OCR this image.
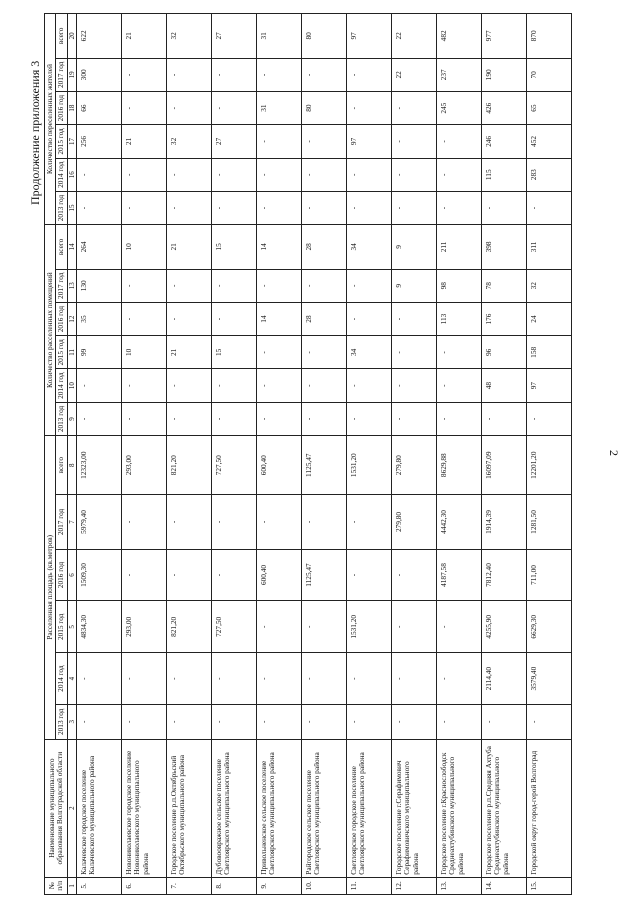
2
Продолжение приложения 3
№ п/п	Наименование муниципального образования Волгоградской области	Расселенная площадь (кв.метров)						Количество расселенных помещений						Количество переселенных жителей					
		2013 год	2014 год	2015 год	2016 год	2017 год	всего	2013 год	2014 год	2015 год	2016 год	2017 год	всего	2013 год	2014 год	2015 год	2016 год	2017 год	всего
1	2	3	4	5	6	7	8	9	10	11	12	13	14	15	16	17	18	19	20
5.	Калачевское городское поселение Калачевского муниципального района	-	-	4834,30	1509,30	5979,40	12323,00	-	-	99	35	130	264	-	-	256	66	300	622
6.	Новониколаевское городское поселение Новониколаевского муниципального района	-	-	293,00	-	-	293,00	-	-	10	-	-	10	-	-	21	-	-	21
7.	Городское поселение р.п.Октябрьский Октябрьского муниципального района	-	-	821,20	-	-	821,20	-	-	21	-	-	21	-	-	32	-	-	32
8.	Дубовоовражное сельское поселение Светлоярского муниципального района	-	-	727,50	-	-	727,50	-	-	15	-	-	15	-	-	27	-	-	27
9.	Привольненское сельское поселение Светлоярского муниципального района	-	-	-	600,40	-	600,40	-	-	-	14	-	14	-	-	-	31	-	31
10.	Райгородское сельское поселение Светлоярского муниципального района	-	-	-	1125,47	-	1125,47	-	-	-	28	-	28	-	-	-	80	-	80
11.	Светлоярское городское поселение Светлоярского муниципального района	-	-	1531,20	-	-	1531,20	-	-	34	-	-	34	-	-	97	-	-	97
12.	Городское поселение г.Серафимович Серафимовичского муниципального района	-	-	-	-	279,80	279,80	-	-	-	-	9	9	-	-	-	-	22	22
13.	Городское поселение г.Краснослободск Среднеахтубинского муниципального района	-	-	-	4187,58	4442,30	8629,88	-	-	-	113	98	211	-	-	-	245	237	482
14.	Городское поселение р.п.Средняя Ахтуба Среднеахтубинского муниципального района	-	2114,40	4255,90	7812,40	1914,39	16097,09	-	48	96	176	78	398	-	115	246	426	190	977
15.	Городской округ город-герой Волгоград	-	3579,40	6629,30	711,00	1281,50	12201,20	-	97	158	24	32	311	-	283	452	65	70	870
